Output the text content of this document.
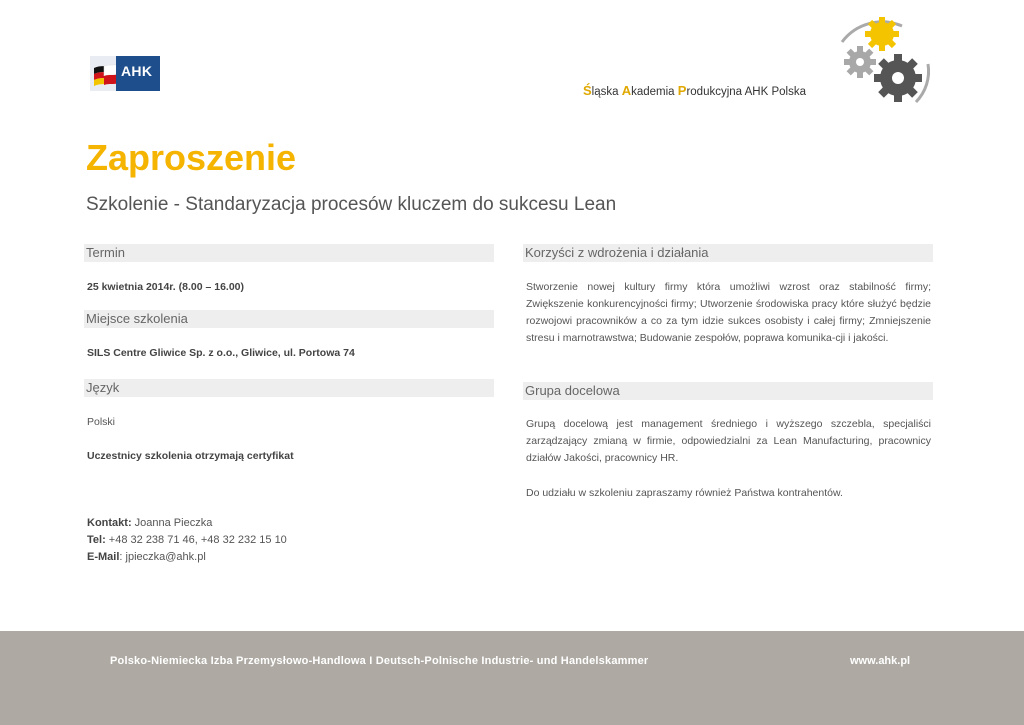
AHK
Śląska Akademia Produkcyjna AHK Polska
Zaproszenie
Szkolenie - Standaryzacja procesów kluczem do sukcesu Lean
Termin
25 kwietnia 2014r. (8.00 – 16.00)
Miejsce szkolenia
SILS Centre Gliwice Sp. z o.o., Gliwice, ul. Portowa 74
Język
Polski
Uczestnicy szkolenia otrzymają certyfikat
Korzyści z wdrożenia i działania
Stworzenie nowej kultury firmy która umożliwi wzrost oraz stabilność firmy; Zwiększenie konkurencyjności firmy; Utworzenie środowiska pracy które służyć będzie rozwojowi pracowników a co za tym idzie sukces osobisty i całej firmy; Zmniejszenie stresu i marnotrawstwa; Budowanie zespołów, poprawa komunika-cji i jakości.
Grupa docelowa
Grupą docelową jest management średniego i wyższego szczebla, specjaliści zarządzający zmianą w firmie, odpowiedzialni za Lean Manufacturing, pracownicy działów Jakości, pracownicy HR.
Do udziału w szkoleniu zapraszamy również Państwa kontrahentów.
Kontakt: Joanna Pieczka
Tel: +48 32 238 71 46, +48 32 232 15 10
E-Mail: jpieczka@ahk.pl
Polsko-Niemiecka Izba Przemysłowo-Handlowa I Deutsch-Polnische Industrie- und Handelskammer	www.ahk.pl
